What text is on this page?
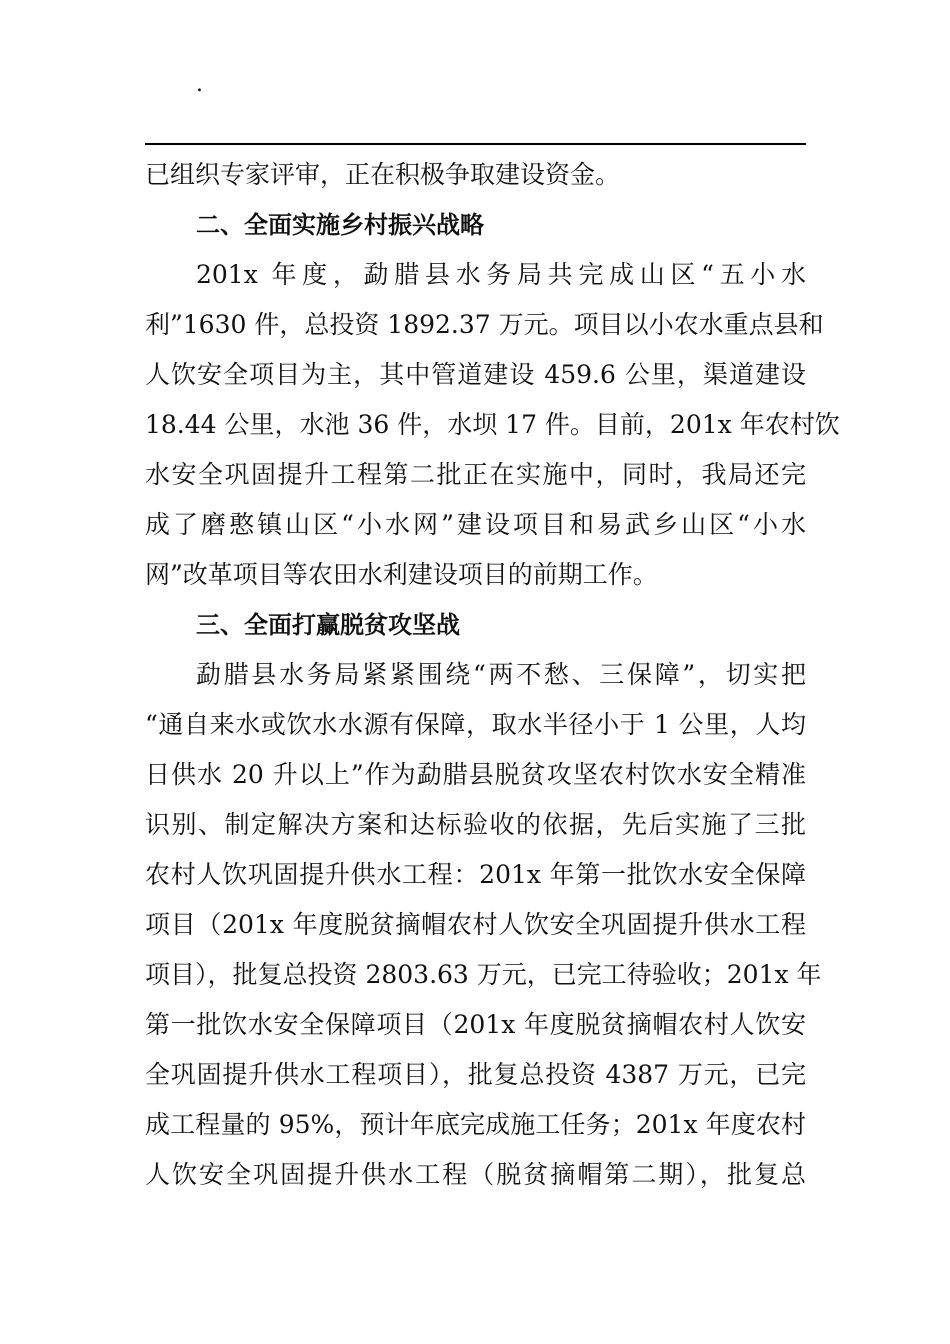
.
已组织专家评审，正在积极争取建设资金。
二、全面实施乡村振兴战略
201x 年度，勐腊县水务局共完成山区“五小水
利”1630 件，总投资 1892.37 万元。项目以小农水重点县和
人饮安全项目为主，其中管道建设 459.6 公里，渠道建设
18.44 公里，水池 36 件，水坝 17 件。目前，201x 年农村饮
水安全巩固提升工程第二批正在实施中，同时，我局还完
成了磨憨镇山区“小水网”建设项目和易武乡山区“小水
网”改革项目等农田水利建设项目的前期工作。
三、全面打赢脱贫攻坚战
勐腊县水务局紧紧围绕“两不愁、三保障”，切实把
“通自来水或饮水水源有保障，取水半径小于 1 公里，人均
日供水 20 升以上”作为勐腊县脱贫攻坚农村饮水安全精准
识别、制定解决方案和达标验收的依据，先后实施了三批
农村人饮巩固提升供水工程：201x 年第一批饮水安全保障
项目（201x 年度脱贫摘帽农村人饮安全巩固提升供水工程
项目），批复总投资 2803.63 万元，已完工待验收；201x 年
第一批饮水安全保障项目（201x 年度脱贫摘帽农村人饮安
全巩固提升供水工程项目），批复总投资 4387 万元，已完
成工程量的 95%，预计年底完成施工任务；201x 年度农村
人饮安全巩固提升供水工程（脱贫摘帽第二期），批复总
